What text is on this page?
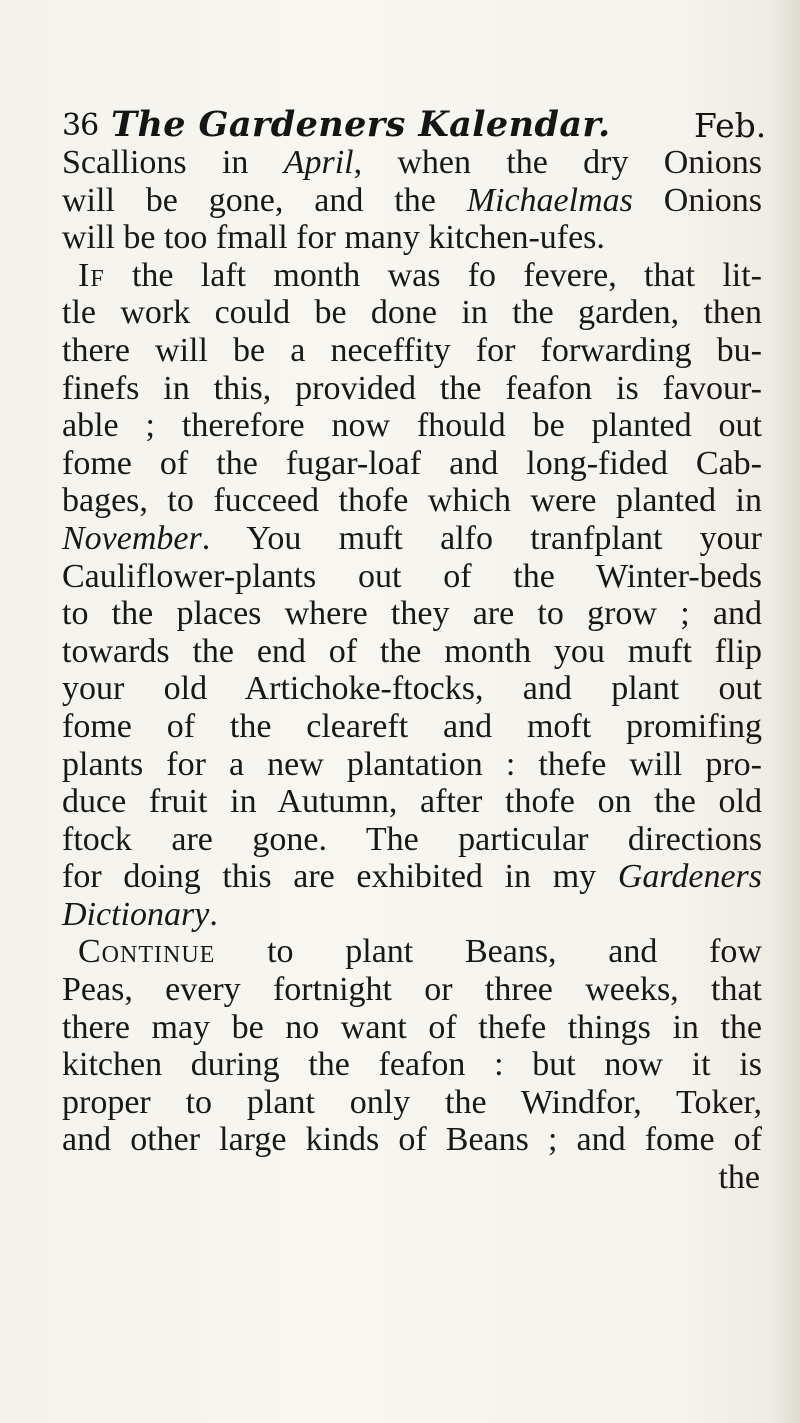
36 The Gardeners Kalendar.	Feb.
Scallions in April, when the dry Onions
will be gone, and the Michaelmas Onions
will be too fmall for many kitchen-ufes.
If the laft month was fo fevere, that lit-
tle work could be done in the garden, then
there will be a neceffity for forwarding bu-
finefs in this, provided the feafon is favour-
able ; therefore now fhould be planted out
fome of the fugar-loaf and long-fided Cab-
bages, to fucceed thofe which were planted in
November. You muft alfo tranfplant your
Cauliflower-plants out of the Winter-beds
to the places where they are to grow ; and
towards the end of the month you muft flip
your old Artichoke-ftocks, and plant out
fome of the cleareft and moft promifing
plants for a new plantation : thefe will pro-
duce fruit in Autumn, after thofe on the old
ftock are gone. The particular directions
for doing this are exhibited in my Gardeners
Dictionary.
Continue to plant Beans, and fow
Peas, every fortnight or three weeks, that
there may be no want of thefe things in the
kitchen during the feafon : but now it is
proper to plant only the Windfor, Toker,
and other large kinds of Beans ; and fome of
the
